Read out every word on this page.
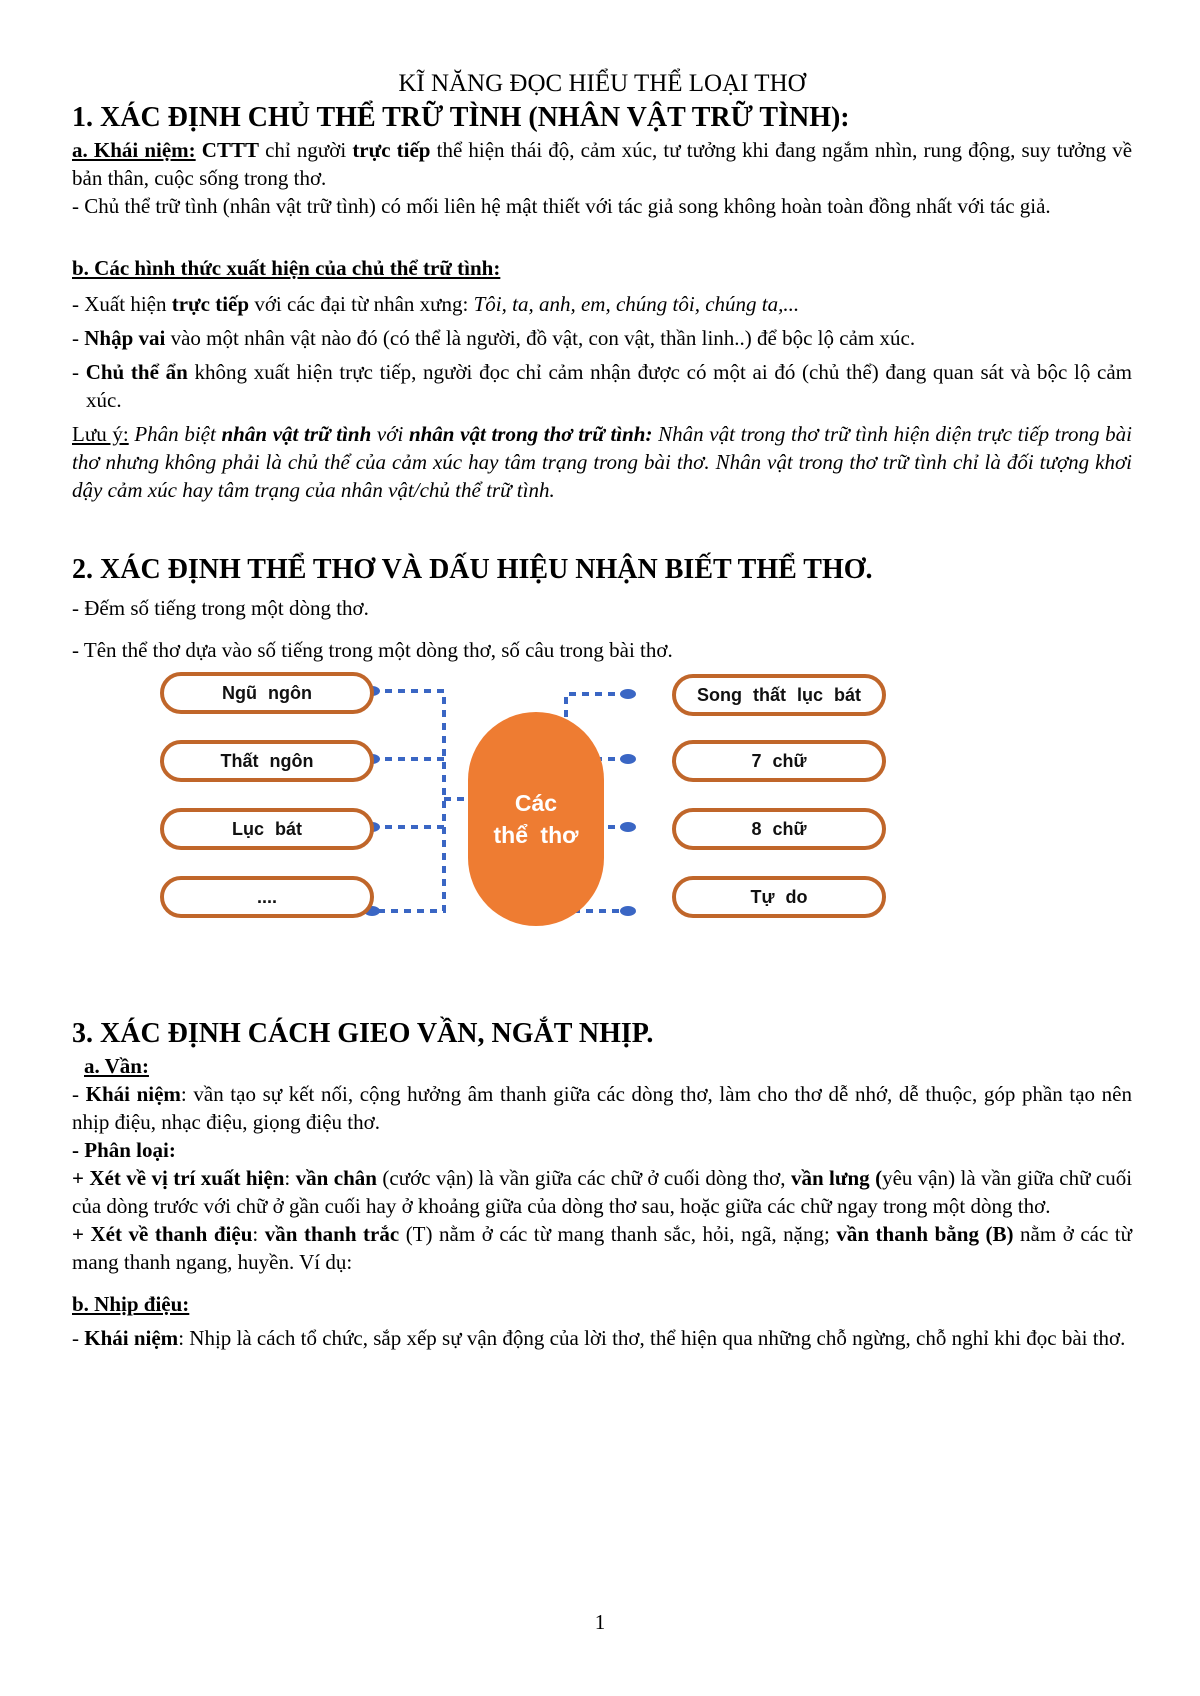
KĨ NĂNG ĐỌC HIỂU THỂ LOẠI THƠ
1. XÁC ĐỊNH CHỦ THỂ TRỮ TÌNH (NHÂN VẬT TRỮ TÌNH):

a. Khái niệm: CTTT chỉ người trực tiếp thể hiện thái độ, cảm xúc, tư tưởng khi đang ngắm nhìn, rung động, suy tưởng về bản thân, cuộc sống trong thơ.

- Chủ thể trữ tình (nhân vật trữ tình) có mối liên hệ mật thiết với tác giả song không hoàn toàn đồng nhất với tác giả.

b. Các hình thức xuất hiện của chủ thể trữ tình:

- Xuất hiện trực tiếp với các đại từ nhân xưng: Tôi, ta, anh, em, chúng tôi, chúng ta,...

- Nhập vai vào một nhân vật nào đó (có thể là người, đồ vật, con vật, thần linh..) để bộc lộ cảm xúc.

- Chủ thể ẩn không xuất hiện trực tiếp, người đọc chỉ cảm nhận được có một ai đó (chủ thể) đang quan sát và bộc lộ cảm xúc.

Lưu ý: Phân biệt nhân vật trữ tình với nhân vật trong thơ trữ tình: Nhân vật trong thơ trữ tình hiện diện trực tiếp trong bài thơ nhưng không phải là chủ thể của cảm xúc hay tâm trạng trong bài thơ. Nhân vật trong thơ trữ tình chỉ là đối tượng khơi dậy cảm xúc hay tâm trạng của nhân vật/chủ thể trữ tình.

2. XÁC ĐỊNH THỂ THƠ VÀ DẤU HIỆU NHẬN BIẾT THỂ THƠ.

- Đếm số tiếng trong một dòng thơ.

- Tên thể thơ dựa vào số tiếng trong một dòng thơ, số câu trong bài thơ.

Ngũ ngôn
Thất ngôn
Lục bát
....
Các
thể thơ
Song thất lục bát
7 chữ
8 chữ
Tự do
3. XÁC ĐỊNH CÁCH GIEO VẦN, NGẮT NHỊP.

a. Vần:

- Khái niệm: vần tạo sự kết nối, cộng hưởng âm thanh giữa các dòng thơ, làm cho thơ dễ nhớ, dễ thuộc, góp phần tạo nên nhịp điệu, nhạc điệu, giọng điệu thơ.

- Phân loại:

+ Xét về vị trí xuất hiện: vần chân (cước vận) là vần giữa các chữ ở cuối dòng thơ, vần lưng (yêu vận) là vần giữa chữ cuối của dòng trước với chữ ở gần cuối hay ở khoảng giữa của dòng thơ sau, hoặc giữa các chữ ngay trong một dòng thơ.

+ Xét về thanh điệu: vần thanh trắc (T) nằm ở các từ mang thanh sắc, hỏi, ngã, nặng; vần thanh bằng (B) nằm ở các từ mang thanh ngang, huyền. Ví dụ:

b. Nhịp điệu:

- Khái niệm: Nhịp là cách tổ chức, sắp xếp sự vận động của lời thơ, thể hiện qua những chỗ ngừng, chỗ nghỉ khi đọc bài thơ.

1
